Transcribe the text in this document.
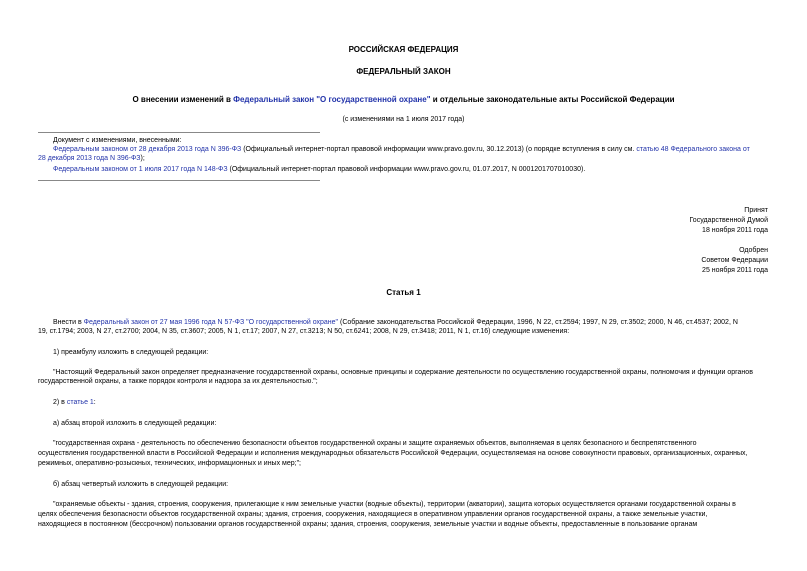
РОССИЙСКАЯ ФЕДЕРАЦИЯ
ФЕДЕРАЛЬНЫЙ ЗАКОН
О внесении изменений в Федеральный закон "О государственной охране" и отдельные законодательные акты Российской Федерации
(с изменениями на 1 июля 2017 года)
Документ с изменениями, внесенными:
Федеральным законом от 28 декабря 2013 года N 396-ФЗ (Официальный интернет-портал правовой информации www.pravo.gov.ru, 30.12.2013) (о порядке вступления в силу см. статью 48 Федерального закона от
28 декабря 2013 года N 396-ФЗ);
Федеральным законом от 1 июля 2017 года N 148-ФЗ (Официальный интернет-портал правовой информации www.pravo.gov.ru, 01.07.2017, N 0001201707010030).
Принят
Государственной Думой
18 ноября 2011 года
Одобрен
Советом Федерации
25 ноября 2011 года
Статья 1
Внести в Федеральный закон от 27 мая 1996 года N 57-ФЗ "О государственной охране" (Собрание законодательства Российской Федерации, 1996, N 22, ст.2594; 1997, N 29, ст.3502; 2000, N 46, ст.4537; 2002, N
19, ст.1794; 2003, N 27, ст.2700; 2004, N 35, ст.3607; 2005, N 1, ст.17; 2007, N 27, ст.3213; N 50, ст.6241; 2008, N 29, ст.3418; 2011, N 1, ст.16) следующие изменения:
1) преамбулу изложить в следующей редакции:
"Настоящий Федеральный закон определяет предназначение государственной охраны, основные принципы и содержание деятельности по осуществлению государственной охраны, полномочия и функции органов
государственной охраны, а также порядок контроля и надзора за их деятельностью.";
2) в статье 1:
а) абзац второй изложить в следующей редакции:
"государственная охрана - деятельность по обеспечению безопасности объектов государственной охраны и защите охраняемых объектов, выполняемая в целях безопасного и беспрепятственного
осуществления государственной власти в Российской Федерации и исполнения международных обязательств Российской Федерации, осуществляемая на основе совокупности правовых, организационных, охранных,
режимных, оперативно-розыскных, технических, информационных и иных мер;";
б) абзац четвертый изложить в следующей редакции:
"охраняемые объекты - здания, строения, сооружения, прилегающие к ним земельные участки (водные объекты), территории (акватории), защита которых осуществляется органами государственной охраны в
целях обеспечения безопасности объектов государственной охраны; здания, строения, сооружения, находящиеся в оперативном управлении органов государственной охраны, а также земельные участки,
находящиеся в постоянном (бессрочном) пользовании органов государственной охраны; здания, строения, сооружения, земельные участки и водные объекты, предоставленные в пользование органам
